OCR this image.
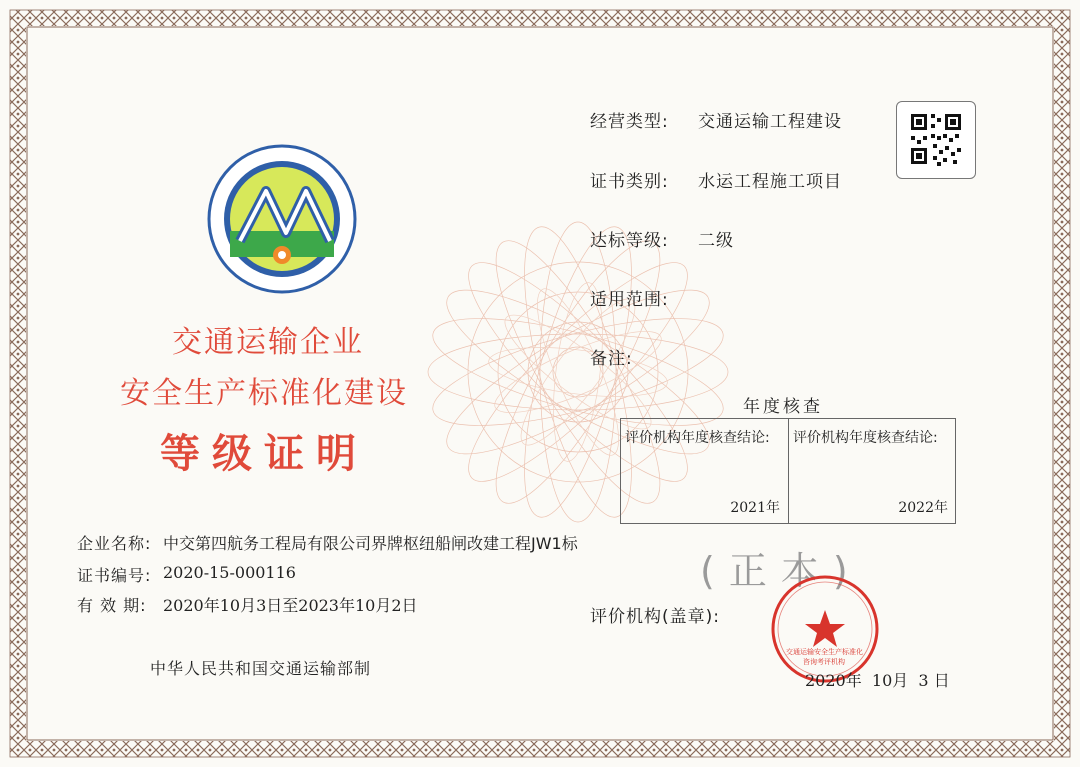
交通运输企业
安全生产标准化建设
等级证明
经营类型: 交通运输工程建设
证书类别: 水运工程施工项目
达标等级: 二级
适用范围:
备注:
年度核查
评价机构年度核查结论:
2021年
评价机构年度核查结论:
2022年
企业名称: 中交第四航务工程局有限公司界牌枢纽船闸改建工程JW1标
证书编号: 2020-15-000116
有 效 期: 2020年10月3日至2023年10月2日
中华人民共和国交通运输部制
(正本)
评价机构(盖章):
交通运输安全生产标准化
咨询考评机构
2020年  10月  3 日
